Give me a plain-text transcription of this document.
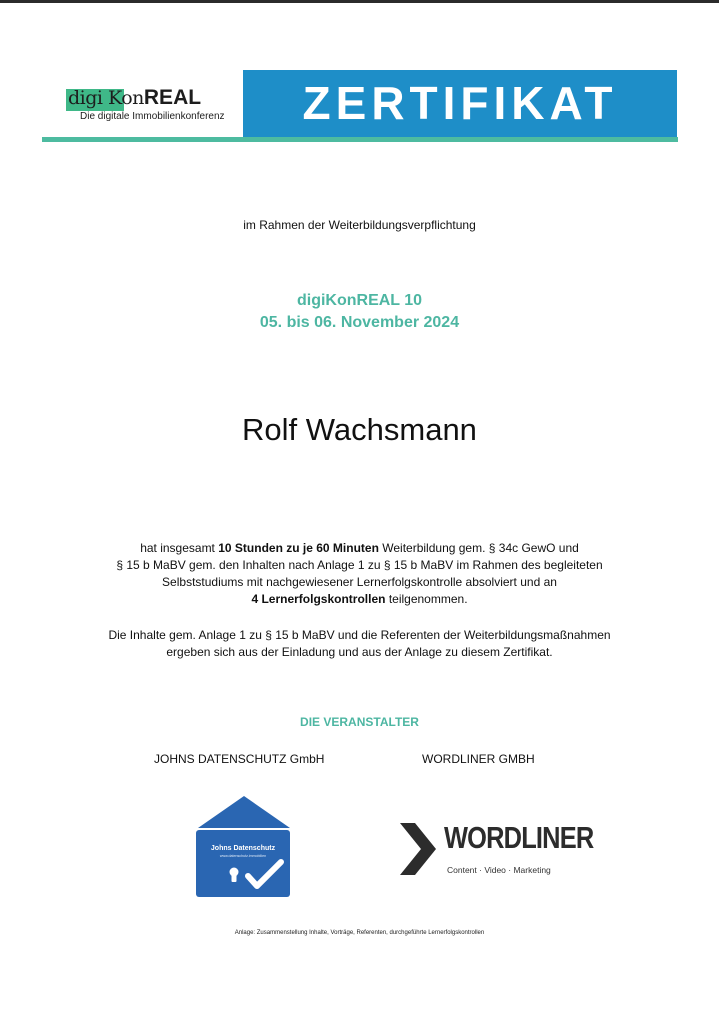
digi KonREAL
Die digitale Immobilienkonferenz	ZERTIFIKAT
im Rahmen der Weiterbildungsverpflichtung
digiKonREAL 10
05. bis 06. November 2024
Rolf Wachsmann
hat insgesamt 10 Stunden zu je 60 Minuten Weiterbildung gem. § 34c GewO und
§ 15 b MaBV gem. den Inhalten nach Anlage 1 zu § 15 b MaBV im Rahmen des begleiteten
Selbststudiums mit nachgewiesener Lernerfolgskontrolle absolviert und an
4 Lernerfolgskontrollen teilgenommen.
Die Inhalte gem. Anlage 1 zu § 15 b MaBV und die Referenten der Weiterbildungsmaßnahmen
ergeben sich aus der Einladung und aus der Anlage zu diesem Zertifikat.
DIE VERANSTALTER
JOHNS DATENSCHUTZ GmbH	WORDLINER GMBH
Johns Datenschutz
www.datenschutz.immobilien
WORDLINER
Content · Video · Marketing
Anlage: Zusammenstellung Inhalte, Vorträge, Referenten, durchgeführte Lernerfolgskontrollen
